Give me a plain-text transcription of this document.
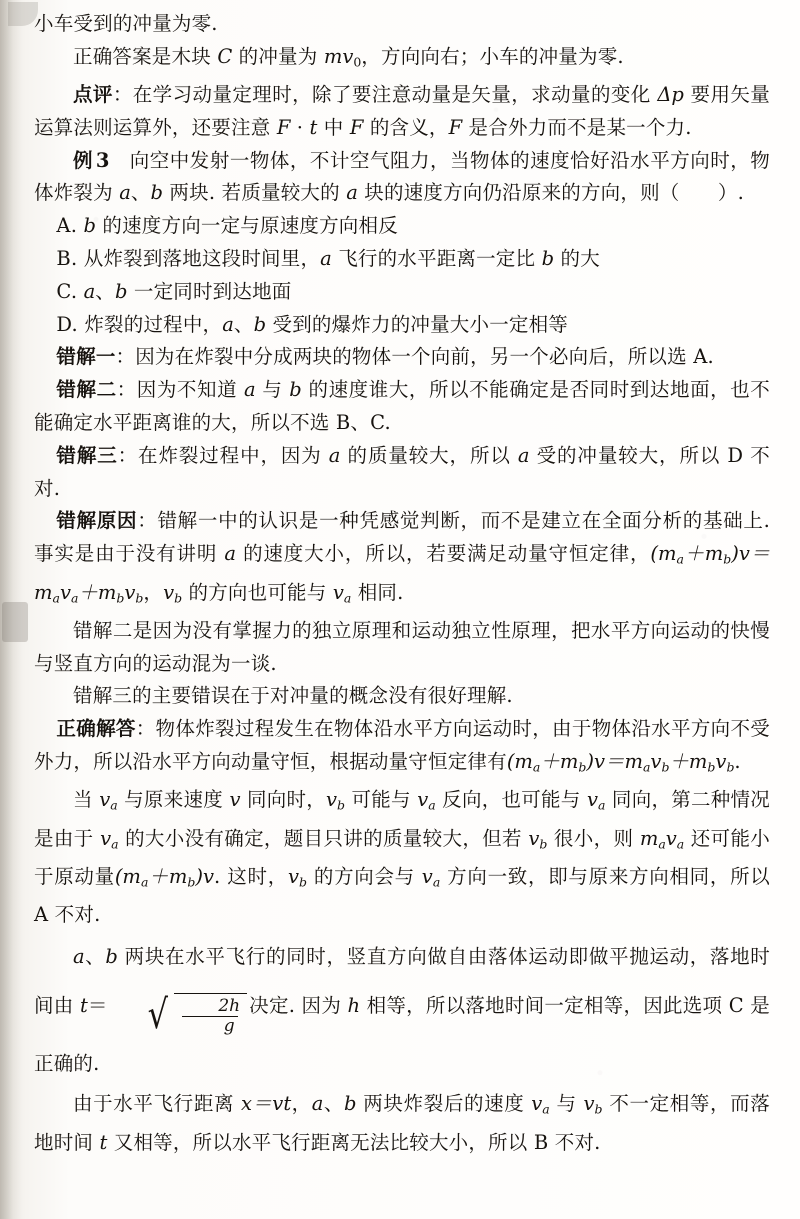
小车受到的冲量为零.

正确答案是木块 C 的冲量为 $mv_0$，方向向右；小车的冲量为零.

点评：在学习动量定理时，除了要注意动量是矢量，求动量的变化 Δp 要用矢量运算法则运算外，还要注意 F · t 中 F 的含义，F 是合外力而不是某一个力.

例 3   向空中发射一物体，不计空气阻力，当物体的速度恰好沿水平方向时，物体炸裂为 a、b 两块. 若质量较大的 a 块的速度方向仍沿原来的方向，则（      ）.

A. b 的速度方向一定与原速度方向相反

B. 从炸裂到落地这段时间里，a 飞行的水平距离一定比 b 的大

C. a、b 一定同时到达地面

D. 炸裂的过程中，a、b 受到的爆炸力的冲量大小一定相等

错解一：因为在炸裂中分成两块的物体一个向前，另一个必向后，所以选 A.

错解二：因为不知道 a 与 b 的速度谁大，所以不能确定是否同时到达地面，也不能确定水平距离谁的大，所以不选 B、C.

错解三：在炸裂过程中，因为 a 的质量较大，所以 a 受的冲量较大，所以 D 不对.

错解原因：错解一中的认识是一种凭感觉判断，而不是建立在全面分析的基础上. 事实是由于没有讲明 a 的速度大小，所以，若要满足动量守恒定律，$(m_a+m_b)v=m_av_a+m_bv_b$，$v_b$ 的方向也可能与 $v_a$ 相同.

错解二是因为没有掌握力的独立原理和运动独立性原理，把水平方向运动的快慢与竖直方向的运动混为一谈.

错解三的主要错误在于对冲量的概念没有很好理解.

正确解答：物体炸裂过程发生在物体沿水平方向运动时，由于物体沿水平方向不受外力，所以沿水平方向动量守恒，根据动量守恒定律有$(m_a+m_b)v=m_av_b+m_bv_b$.

当 $v_a$ 与原来速度 v 同向时，$v_b$ 可能与 $v_a$ 反向，也可能与 $v_a$ 同向，第二种情况是由于 $v_a$ 的大小没有确定，题目只讲的质量较大，但若 $v_b$ 很小，则 $m_av_a$ 还可能小于原动量$(m_a+m_b)v$. 这时，$v_b$ 的方向会与 $v_a$ 方向一致，即与原来方向相同，所以 A 不对.

a、b 两块在水平飞行的同时，竖直方向做自由落体运动即做平抛运动，落地时间由 t＝ √ $\frac{2h}{g}$ 决定. 因为 h 相等，所以落地时间一定相等，因此选项 C 是正确的.

由于水平飞行距离 x＝vt，a、b 两块炸裂后的速度 $v_a$ 与 $v_b$ 不一定相等，而落地时间 t 又相等，所以水平飞行距离无法比较大小，所以 B 不对.
